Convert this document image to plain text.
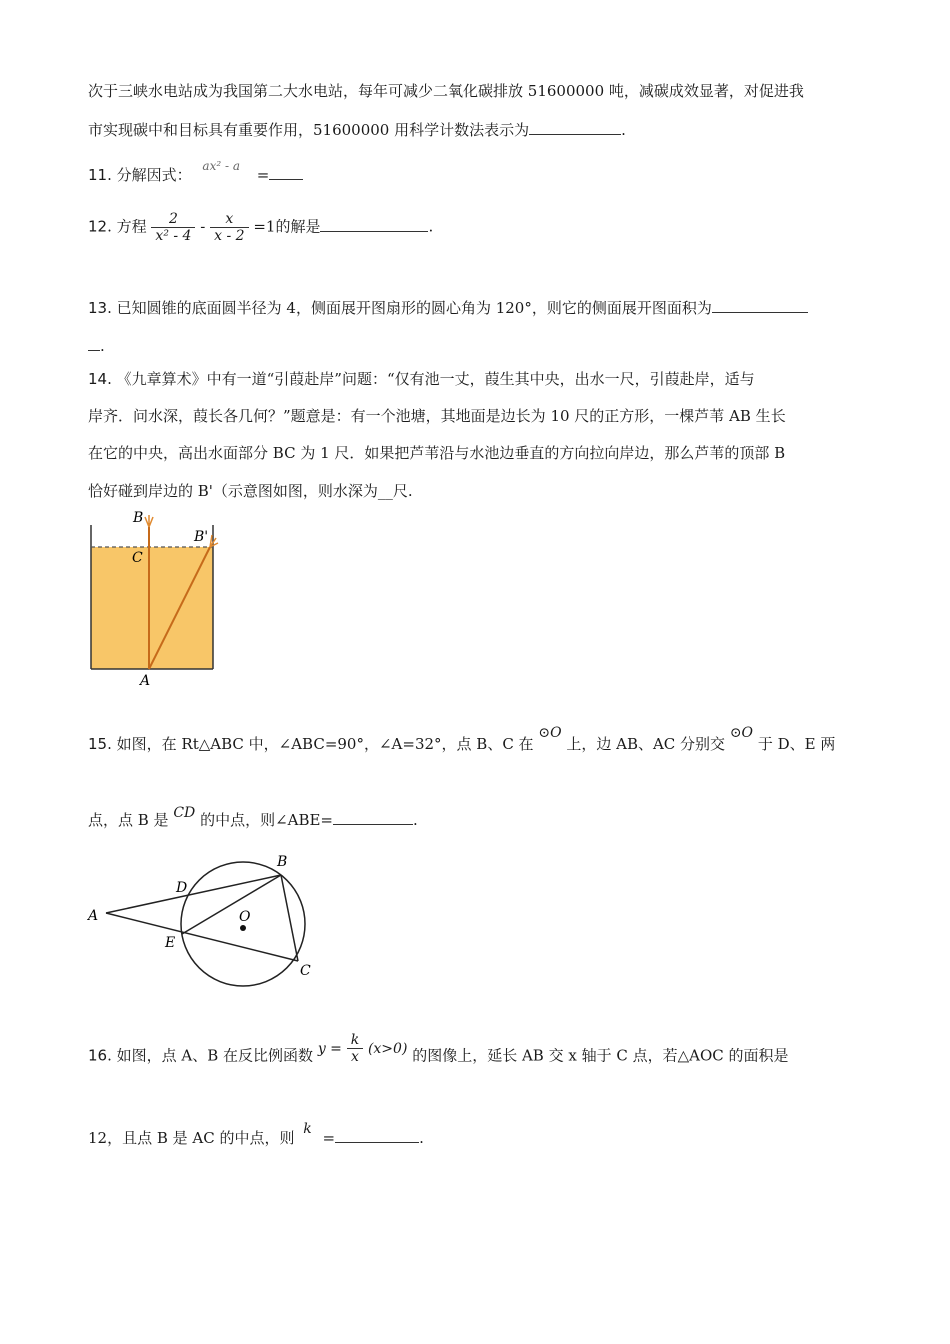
次于三峡水电站成为我国第二大水电站，每年可减少二氧化碳排放 51600000 吨，减碳成效显著，对促进我
市实现碳中和目标具有重要作用，51600000 用科学计数法表示为	.
11. 分解因式： $^{ax^2 - a}$ =
12. 方程 $\frac{2}{\text{x² - 4}} - \frac{x}{x - 2} =1$的解是	.
13. 已知圆锥的底面圆半径为 4，侧面展开图扇形的圆心角为 120°，则它的侧面展开图面积为
.
14. 《九章算术》中有一道“引葭赴岸”问题：“仅有池一丈，葭生其中央，出水一尺，引葭赴岸，适与
岸齐．问水深，葭长各几何？”题意是：有一个池塘，其地面是边长为 10 尺的正方形，一棵芦苇 AB 生长
在它的中央，高出水面部分 BC 为 1 尺．如果把芦苇沿与水池边垂直的方向拉向岸边，那么芦苇的顶部 B
恰好碰到岸边的 B'（示意图如图，则水深为__尺.
B
B'
C
A
15. 如图，在 Rt△ABC 中，∠ABC=90°，∠A=32°，点 B、C 在 ⊙O 上，边 AB、AC 分别交 ⊙O 于 D、E 两
点，点 B 是 CD 的中点，则∠ABE=	.
A
B
C
D
E
O
16. 如图，点 A、B 在反比例函数 $y = \frac{k}{x} (x>0)$ 的图像上，延长 AB 交 x 轴于 C 点，若△AOC 的面积是
12，且点 B 是 AC 的中点，则 k =	.
